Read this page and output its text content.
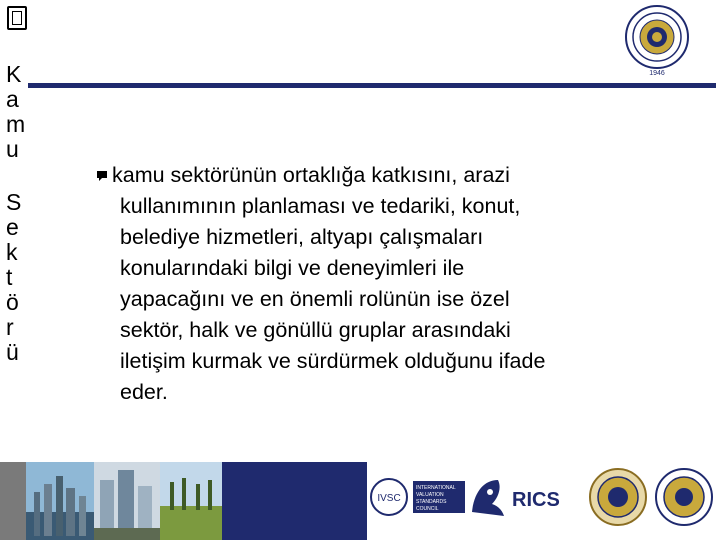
K
a
m
u
S
e
k
t
ö
r
ü
1946
kamu sektörünün ortaklığa katkısını, arazi
kullanımının planlaması ve tedariki, konut,
belediye hizmetleri, altyapı çalışmaları
konularındaki bilgi ve deneyimleri ile
yapacağını ve en önemli rolünün ise özel
sektör, halk ve gönüllü gruplar arasındaki
iletişim kurmak ve sürdürmek olduğunu ifade
eder.
IVSC
INTERNATIONAL
VALUATION
STANDARDS
COUNCIL	RICS
